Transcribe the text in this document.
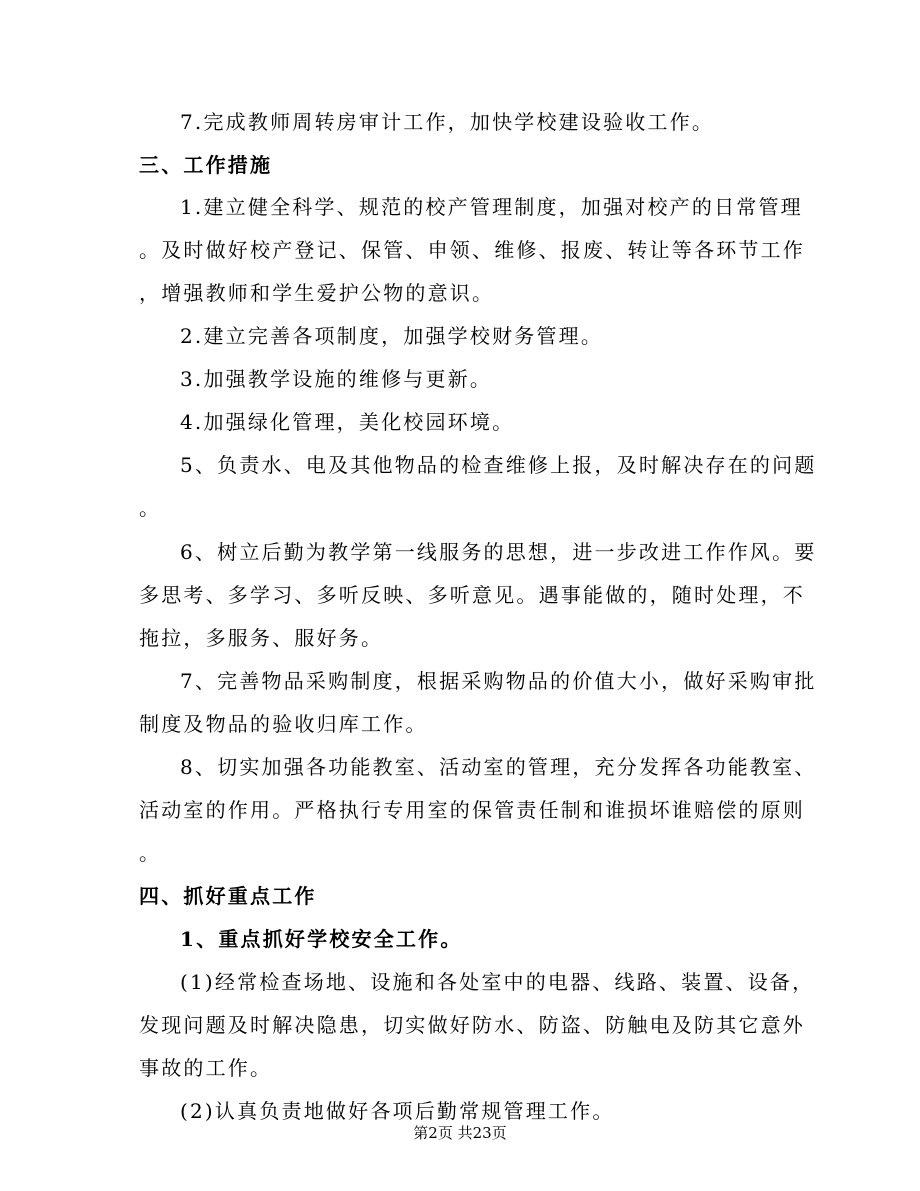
7.完成教师周转房审计工作，加快学校建设验收工作。

三、工作措施

1.建立健全科学、规范的校产管理制度，加强对校产的日常管理

。及时做好校产登记、保管、申领、维修、报废、转让等各环节工作

，增强教师和学生爱护公物的意识。

2.建立完善各项制度，加强学校财务管理。

3.加强教学设施的维修与更新。

4.加强绿化管理，美化校园环境。

5、负责水、电及其他物品的检查维修上报，及时解决存在的问题

。

6、树立后勤为教学第一线服务的思想，进一步改进工作作风。要

多思考、多学习、多听反映、多听意见。遇事能做的，随时处理，不

拖拉，多服务、服好务。

7、完善物品采购制度，根据采购物品的价值大小，做好采购审批

制度及物品的验收归库工作。

8、切实加强各功能教室、活动室的管理，充分发挥各功能教室、

活动室的作用。严格执行专用室的保管责任制和谁损坏谁赔偿的原则

。

四、抓好重点工作

1、重点抓好学校安全工作。

(1)经常检查场地、设施和各处室中的电器、线路、装置、设备，

发现问题及时解决隐患，切实做好防水、防盗、防触电及防其它意外

事故的工作。

(2)认真负责地做好各项后勤常规管理工作。

第2页 共23页
